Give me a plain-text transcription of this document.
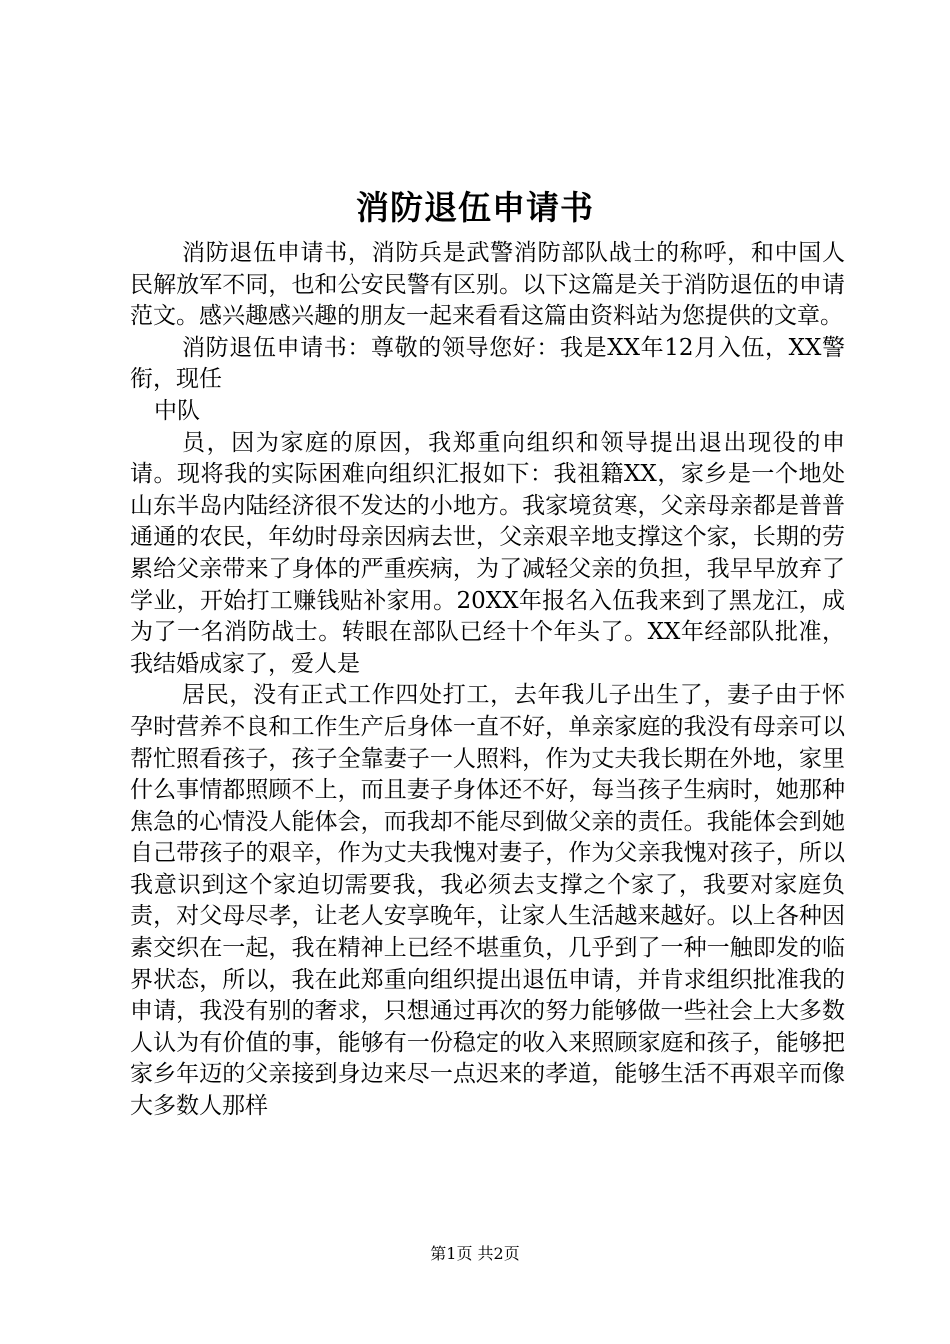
消防退伍申请书

消防退伍申请书，消防兵是武警消防部队战士的称呼，和中国人民解放军不同，也和公安民警有区别。以下这篇是关于消防退伍的申请范文。感兴趣感兴趣的朋友一起来看看这篇由资料站为您提供的文章。

消防退伍申请书：尊敬的领导您好：我是XX年12月入伍，XX警衔，现任

中队

员，因为家庭的原因，我郑重向组织和领导提出退出现役的申请。现将我的实际困难向组织汇报如下：我祖籍XX，家乡是一个地处山东半岛内陆经济很不发达的小地方。我家境贫寒，父亲母亲都是普普通通的农民，年幼时母亲因病去世，父亲艰辛地支撑这个家，长期的劳累给父亲带来了身体的严重疾病，为了减轻父亲的负担，我早早放弃了学业，开始打工赚钱贴补家用。20XX年报名入伍我来到了黑龙江，成为了一名消防战士。转眼在部队已经十个年头了。XX年经部队批准，我结婚成家了，爱人是

居民，没有正式工作四处打工，去年我儿子出生了，妻子由于怀孕时营养不良和工作生产后身体一直不好，单亲家庭的我没有母亲可以帮忙照看孩子，孩子全靠妻子一人照料，作为丈夫我长期在外地，家里什么事情都照顾不上，而且妻子身体还不好，每当孩子生病时，她那种焦急的心情没人能体会，而我却不能尽到做父亲的责任。我能体会到她自己带孩子的艰辛，作为丈夫我愧对妻子，作为父亲我愧对孩子，所以我意识到这个家迫切需要我，我必须去支撑之个家了，我要对家庭负责，对父母尽孝，让老人安享晚年，让家人生活越来越好。以上各种因素交织在一起，我在精神上已经不堪重负，几乎到了一种一触即发的临界状态，所以，我在此郑重向组织提出退伍申请，并肯求组织批准我的申请，我没有别的奢求，只想通过再次的努力能够做一些社会上大多数人认为有价值的事，能够有一份稳定的收入来照顾家庭和孩子，能够把家乡年迈的父亲接到身边来尽一点迟来的孝道，能够生活不再艰辛而像大多数人那样

第1页 共2页
